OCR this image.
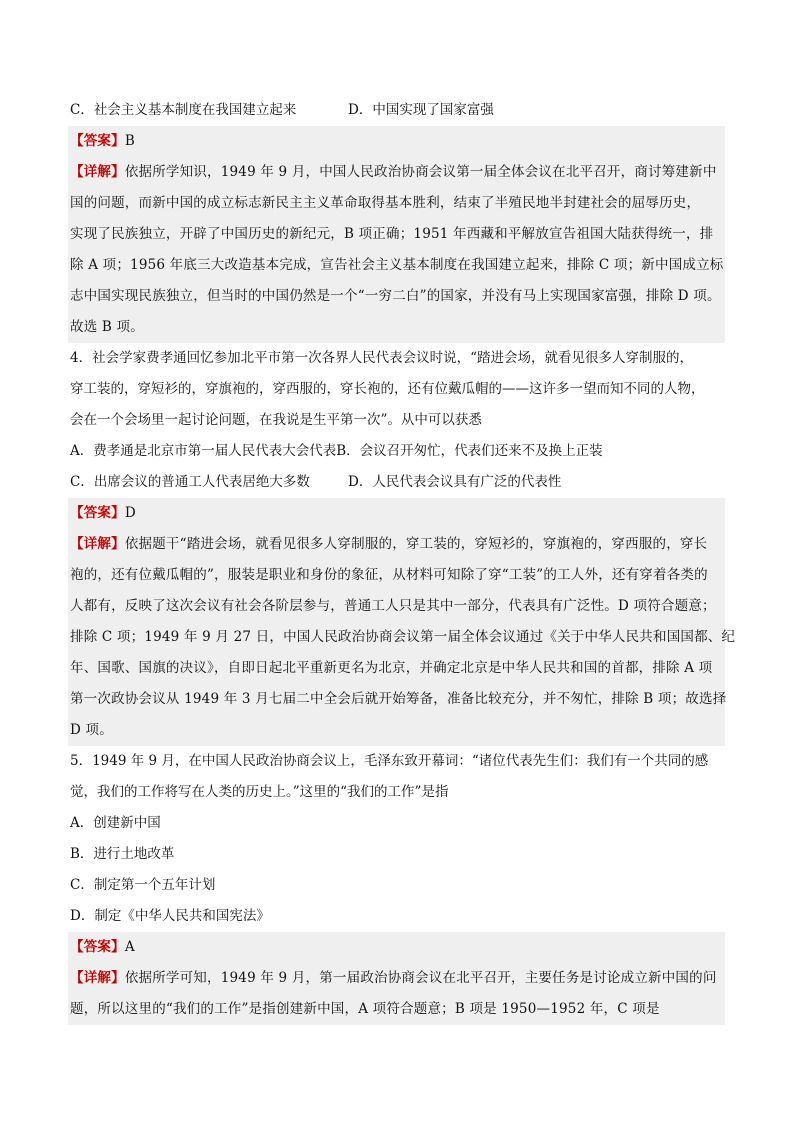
C．社会主义基本制度在我国建立起来	D．中国实现了国家富强
【答案】B
【详解】依据所学知识，1949 年 9 月，中国人民政治协商会议第一届全体会议在北平召开，商讨筹建新中
国的问题，而新中国的成立标志新民主主义革命取得基本胜利，结束了半殖民地半封建社会的屈辱历史，
实现了民族独立，开辟了中国历史的新纪元，B 项正确；1951 年西藏和平解放宣告祖国大陆获得统一，排
除 A 项；1956 年底三大改造基本完成，宣告社会主义基本制度在我国建立起来，排除 C 项；新中国成立标
志中国实现民族独立，但当时的中国仍然是一个“一穷二白”的国家，并没有马上实现国家富强，排除 D 项。
故选 B 项。
4．社会学家费孝通回忆参加北平市第一次各界人民代表会议时说，“踏进会场，就看见很多人穿制服的，
穿工装的，穿短衫的，穿旗袍的，穿西服的，穿长袍的，还有位戴瓜帽的——这许多一望而知不同的人物，
会在一个会场里一起讨论问题，在我说是生平第一次”。从中可以获悉
A．费孝通是北京市第一届人民代表大会代表B．会议召开匆忙，代表们还来不及换上正装
C．出席会议的普通工人代表居绝大多数	D．人民代表会议具有广泛的代表性
【答案】D
【详解】依据题干“踏进会场，就看见很多人穿制服的，穿工装的，穿短衫的，穿旗袍的，穿西服的，穿长
袍的，还有位戴瓜帽的”，服装是职业和身份的象征，从材料可知除了穿“工装”的工人外，还有穿着各类的
人都有，反映了这次会议有社会各阶层参与，普通工人只是其中一部分，代表具有广泛性。D 项符合题意；
排除 C 项；1949 年 9 月 27 日，中国人民政治协商会议第一届全体会议通过《关于中华人民共和国国都、纪
年、国歌、国旗的决议》，自即日起北平重新更名为北京，并确定北京是中华人民共和国的首都，排除 A 项
第一次政协会议从 1949 年 3 月七届二中全会后就开始筹备，准备比较充分，并不匆忙，排除 B 项；故选择
D 项。
5．1949 年 9 月，在中国人民政治协商会议上，毛泽东致开幕词：“诸位代表先生们：我们有一个共同的感
觉，我们的工作将写在人类的历史上。”这里的“我们的工作”是指
A．创建新中国
B．进行土地改革
C．制定第一个五年计划
D．制定《中华人民共和国宪法》
【答案】A
【详解】依据所学可知，1949 年 9 月，第一届政治协商会议在北平召开，主要任务是讨论成立新中国的问
题，所以这里的“我们的工作”是指创建新中国，A 项符合题意；B 项是 1950—1952 年，C 项是
